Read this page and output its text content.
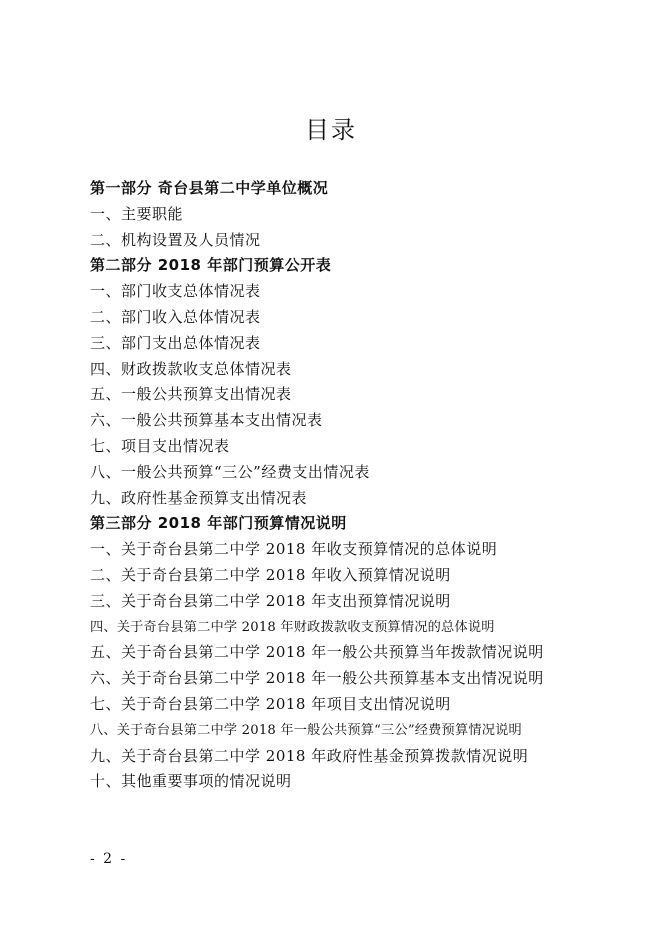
目录
第一部分 奇台县第二中学单位概况
一、主要职能
二、机构设置及人员情况
第二部分 2018 年部门预算公开表
一、部门收支总体情况表
二、部门收入总体情况表
三、部门支出总体情况表
四、财政拨款收支总体情况表
五、一般公共预算支出情况表
六、一般公共预算基本支出情况表
七、项目支出情况表
八、一般公共预算“三公”经费支出情况表
九、政府性基金预算支出情况表
第三部分 2018 年部门预算情况说明
一、关于奇台县第二中学 2018 年收支预算情况的总体说明
二、关于奇台县第二中学 2018 年收入预算情况说明
三、关于奇台县第二中学 2018 年支出预算情况说明
四、关于奇台县第二中学 2018 年财政拨款收支预算情况的总体说明
五、关于奇台县第二中学 2018 年一般公共预算当年拨款情况说明
六、关于奇台县第二中学 2018 年一般公共预算基本支出情况说明
七、关于奇台县第二中学 2018 年项目支出情况说明
八、关于奇台县第二中学 2018 年一般公共预算“三公”经费预算情况说明
九、关于奇台县第二中学 2018 年政府性基金预算拨款情况说明
十、其他重要事项的情况说明
- 2 -
